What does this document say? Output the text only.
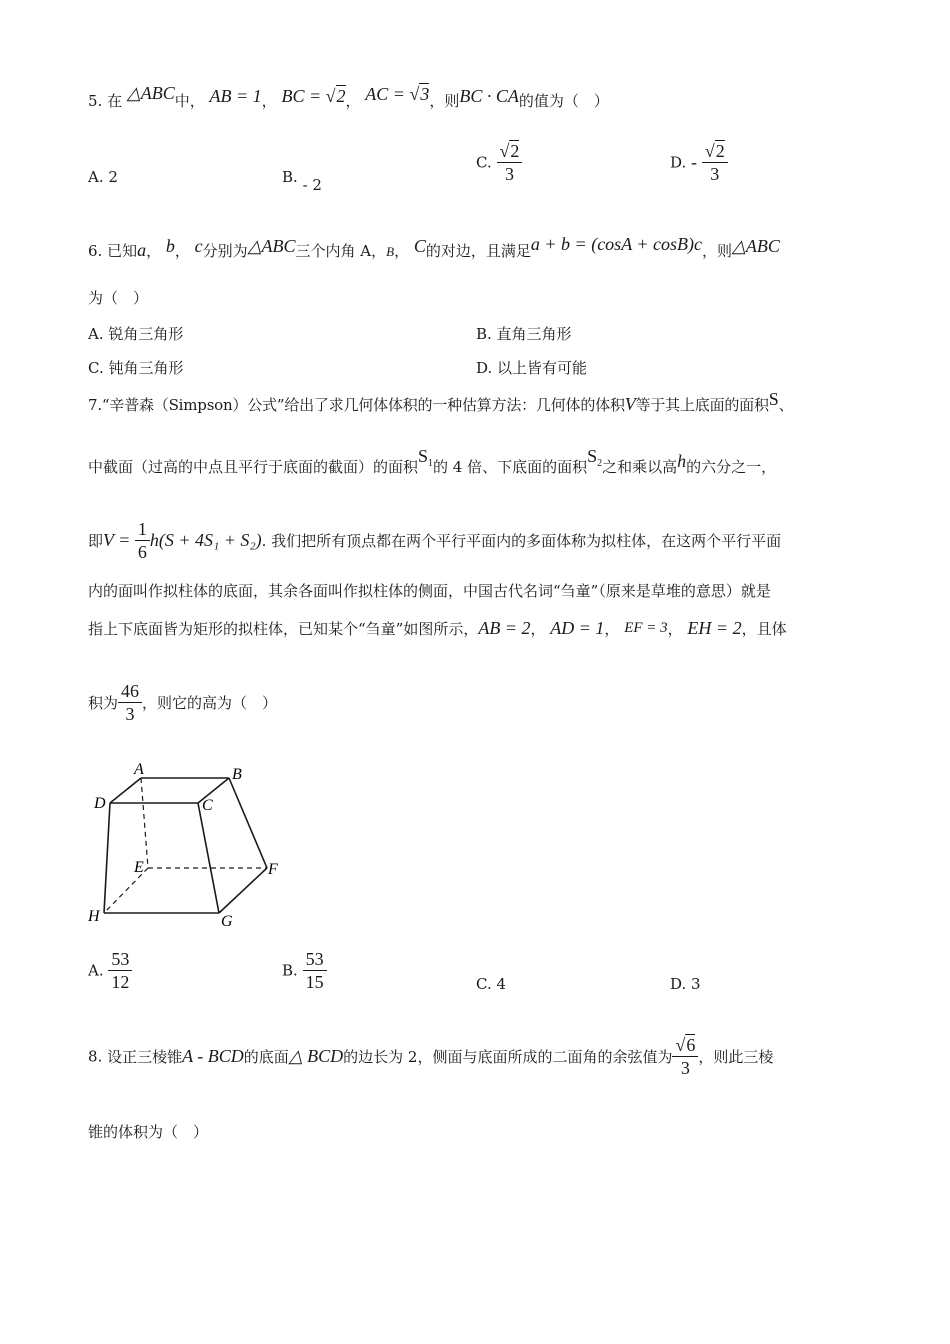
5. 在 △ABC中， AB = 1， BC = √2， AC = √3，则BC · CA的值为（　）
A. 2	B. - 2
C. $\frac{√2}{3}$	D. - $\frac{√2}{3}$
6. 已知a， b， c分别为△ABC三个内角 A，B， C的对边，且满足a + b = (cosA + cosB)c，则△ABC
为（　）
A. 锐角三角形	B. 直角三角形
C. 钝角三角形	D. 以上皆有可能
7.“辛普森（Simpson）公式”给出了求几何体体积的一种估算方法：几何体的体积V等于其上底面的面积S、
中截面（过高的中点且平行于底面的截面）的面积$S_1$的 4 倍、下底面的面积$S_2$之和乘以高h的六分之一，
即$V = \frac{1}{6} h(S + 4S_1 + S_2)$. 我们把所有顶点都在两个平行平面内的多面体称为拟柱体，在这两个平行平面
内的面叫作拟柱体的底面，其余各面叫作拟柱体的侧面，中国古代名词“刍童”（原来是草堆的意思）就是
指上下底面皆为矩形的拟柱体，已知某个“刍童”如图所示，AB = 2， AD = 1， EF = 3， EH = 2，且体
积为 $\frac{46}{3}$ ，则它的高为（　）
A	B
C
D
E	F
G
H
A. $\frac{53}{12}$	B. $\frac{53}{15}$	C. 4	D. 3
8. 设正三棱锥A - BCD的底面△ BCD的边长为 2，侧面与底面所成的二面角的余弦值为 $\frac{√6}{3}$ ，则此三棱
锥的体积为（　）
